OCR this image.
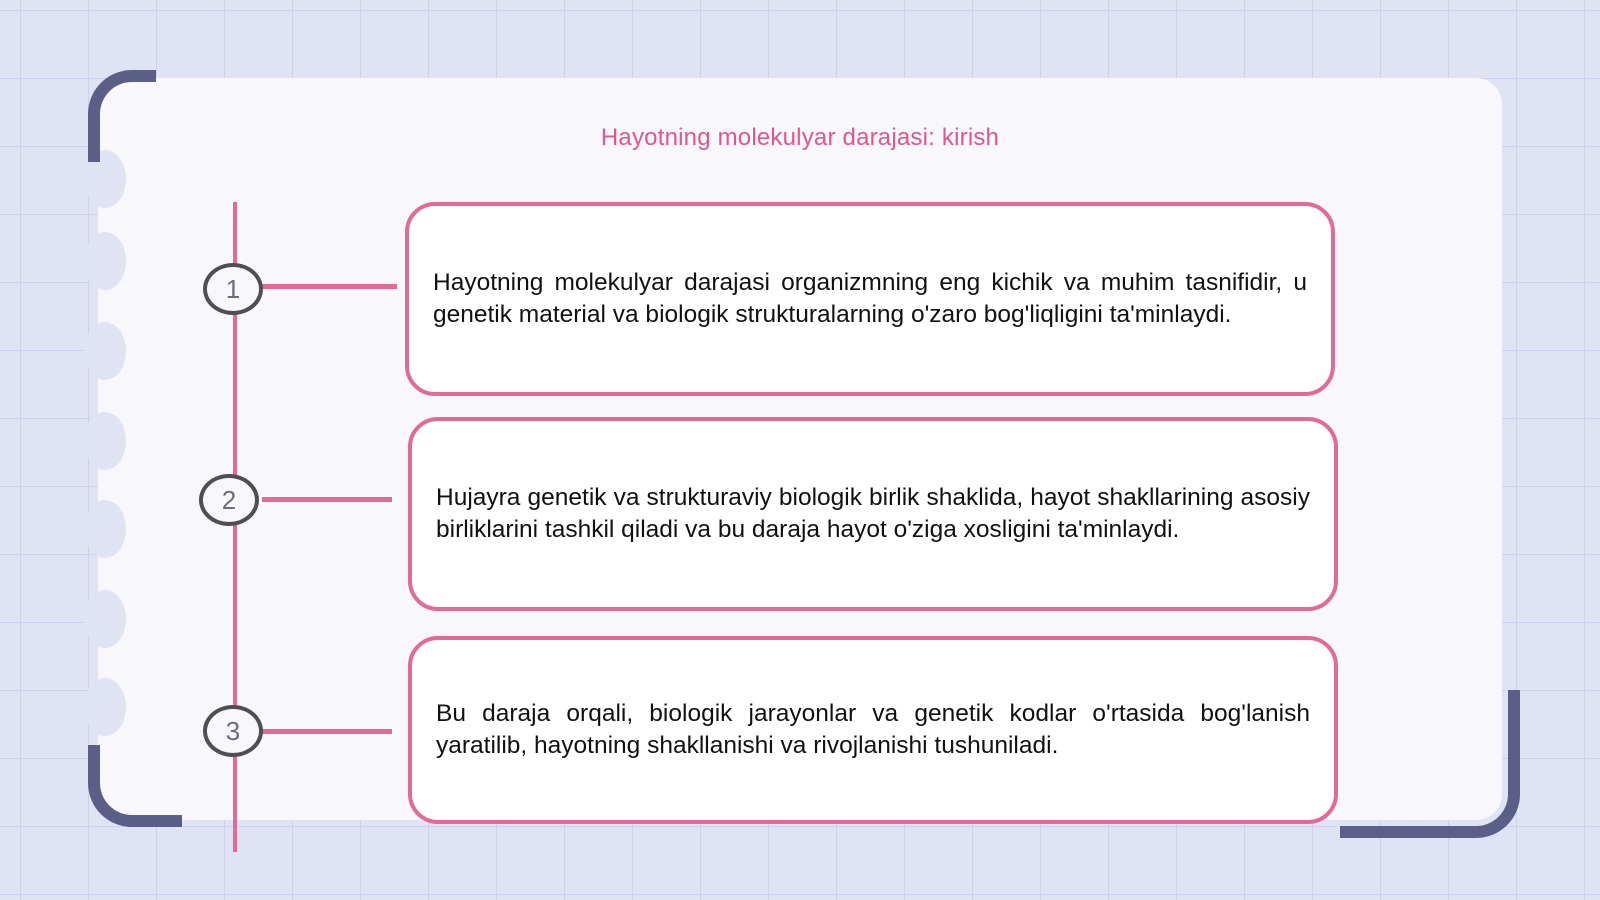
Hayotning molekulyar darajasi: kirish
1	Hayotning molekulyar darajasi organizmning eng kichik va muhim tasnifidir, u genetik material va biologik strukturalarning o'zaro bog'liqligini ta'minlaydi.

2	Hujayra genetik va strukturaviy biologik birlik shaklida, hayot shakllarining asosiy birliklarini tashkil qiladi va bu daraja hayot o'ziga xosligini ta'minlaydi.

3

Bu daraja orqali, biologik jarayonlar va genetik kodlar o'rtasida bog'lanish yaratilib, hayotning shakllanishi va rivojlanishi tushuniladi.
